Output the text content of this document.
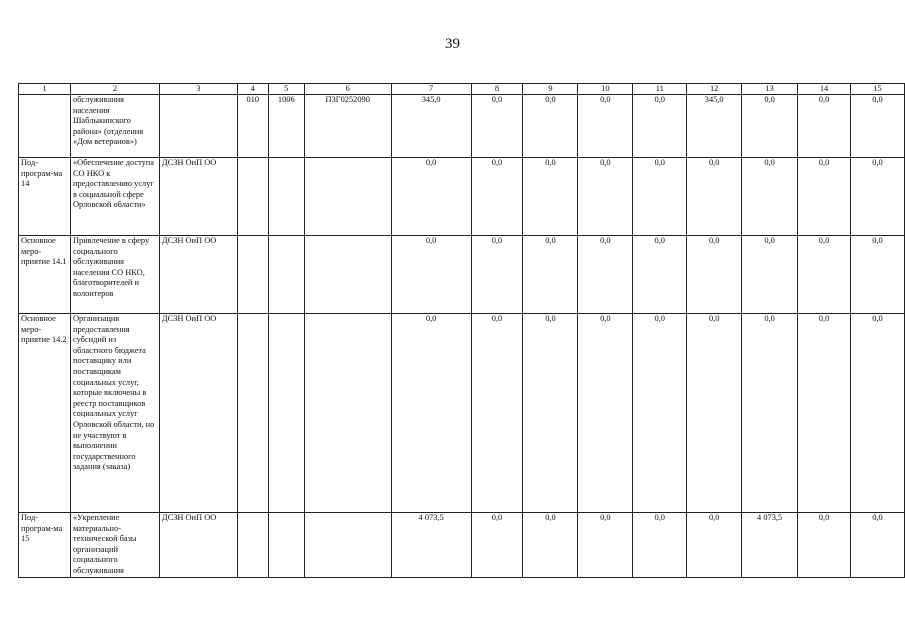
39
1	2	3	4	5	6	7	8	9	10	11	12	13	14	15
	обслуживания населения Шаблыкинского района» (отделения «Дом ветеранов»)		010	1006	П3Г0252090	345,0	0,0	0,0	0,0	0,0	345,0	0,0	0,0	0,0
Под-програм-ма 14	«Обеспечение доступа СО НКО к предоставлению услуг в социальной сфере Орловской области»	ДСЗН ОиП ОО				0,0	0,0	0,0	0,0	0,0	0,0	0,0	0,0	0,0
Основное меро-приятие 14.1	Привлечение в сферу социального обслуживания населения СО НКО, благотворителей и волонтеров	ДСЗН ОиП ОО				0,0	0,0	0,0	0,0	0,0	0,0	0,0	0,0	0,0
Основное меро-приятие 14.2	Организация предоставления субсидий из областного бюджета поставщику или поставщикам социальных услуг, которые включены в реестр поставщиков социальных услуг Орловской области, но не участвуют в выполнении государственного задания (заказа)	ДСЗН ОиП ОО				0,0	0,0	0,0	0,0	0,0	0,0	0,0	0,0	0,0
Под-програм-ма 15	«Укрепление материально-технической базы организаций социального обслуживания	ДСЗН ОиП ОО				4 073,5	0,0	0,0	0,0	0,0	0,0	4 073,5	0,0	0,0
